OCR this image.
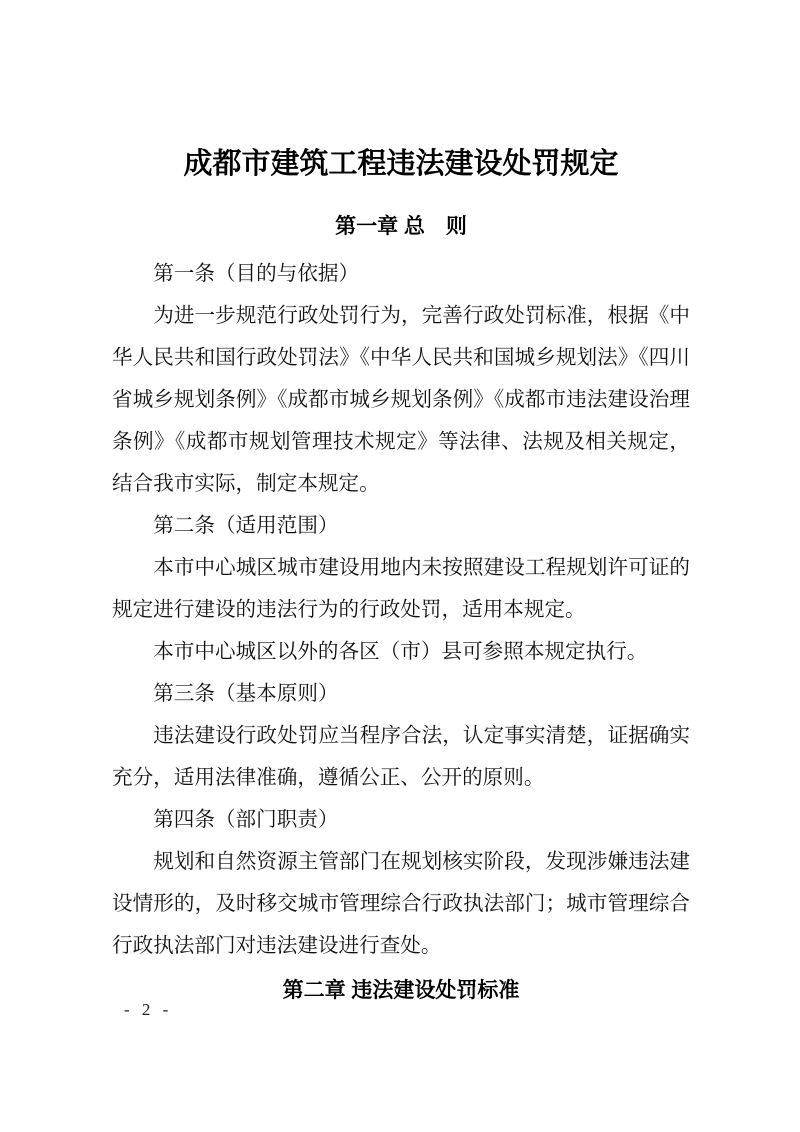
成都市建筑工程违法建设处罚规定
第一章 总　则

第一条（目的与依据）

为进一步规范行政处罚行为，完善行政处罚标准，根据《中华人民共和国行政处罚法》《中华人民共和国城乡规划法》《四川省城乡规划条例》《成都市城乡规划条例》《成都市违法建设治理条例》《成都市规划管理技术规定》等法律、法规及相关规定，结合我市实际，制定本规定。

第二条（适用范围）

本市中心城区城市建设用地内未按照建设工程规划许可证的规定进行建设的违法行为的行政处罚，适用本规定。

本市中心城区以外的各区（市）县可参照本规定执行。

第三条（基本原则）

违法建设行政处罚应当程序合法，认定事实清楚，证据确实充分，适用法律准确，遵循公正、公开的原则。

第四条（部门职责）

规划和自然资源主管部门在规划核实阶段，发现涉嫌违法建设情形的，及时移交城市管理综合行政执法部门；城市管理综合行政执法部门对违法建设进行查处。

第二章 违法建设处罚标准
- 2 -
